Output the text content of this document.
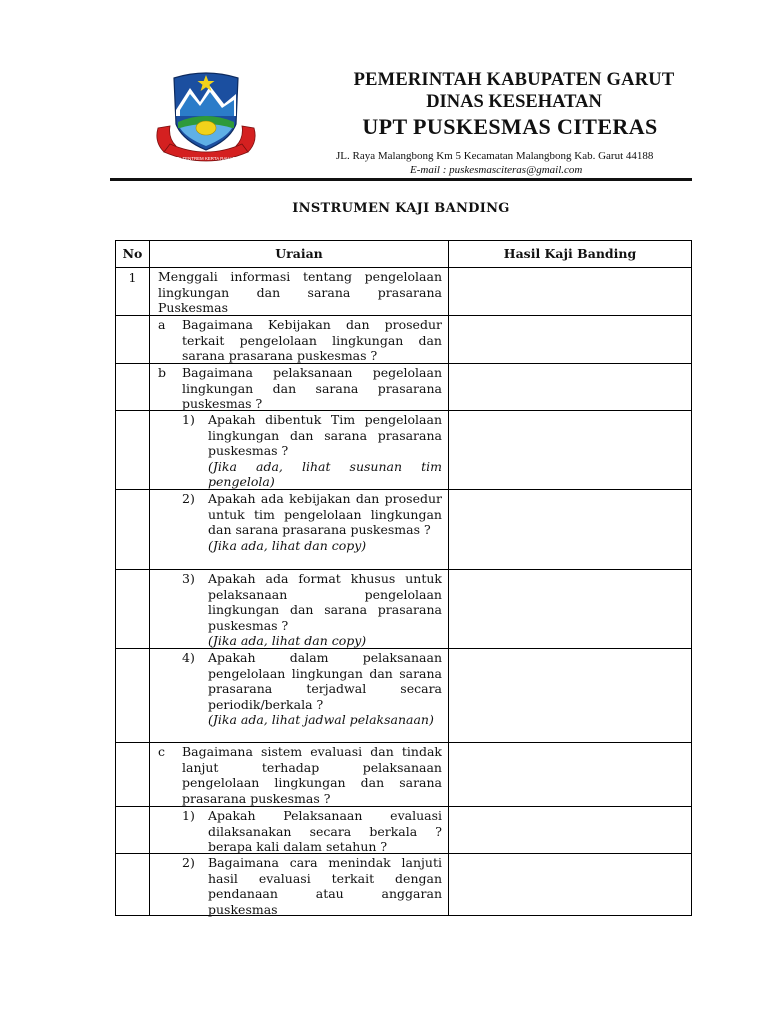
TATA TENTREM KERTA RAHARJA
PEMERINTAH KABUPATEN GARUT
DINAS KESEHATAN
UPT PUSKESMAS CITERAS
JL. Raya Malangbong Km 5 Kecamatan Malangbong Kab. Garut 44188
E-mail : puskesmasciteras@gmail.com
INSTRUMEN KAJI BANDING
No	Uraian	Hasil Kaji Banding
1	Menggali informasi tentang pengelolaan lingkungan dan sarana prasarana Puskesmas
a	Bagaimana Kebijakan dan prosedur terkait pengelolaan lingkungan dan sarana prasarana puskesmas ?
b	Bagaimana pelaksanaan pegelolaan lingkungan dan sarana prasarana puskesmas ?
1)	Apakah dibentuk Tim pengelolaan lingkungan dan sarana prasarana puskesmas ?
(Jika ada, lihat susunan tim pengelola)
2)	Apakah ada kebijakan dan prosedur untuk tim pengelolaan lingkungan dan sarana prasarana puskesmas ?
(Jika ada, lihat dan copy)
3)	Apakah ada format khusus untuk pelaksanaan pengelolaan lingkungan dan sarana prasarana puskesmas ?
(Jika ada, lihat dan copy)
4)	Apakah dalam pelaksanaan pengelolaan lingkungan dan sarana prasarana terjadwal secara periodik/berkala ?
(Jika ada, lihat jadwal pelaksanaan)
c	Bagaimana sistem evaluasi dan tindak lanjut terhadap pelaksanaan pengelolaan lingkungan dan sarana prasarana puskesmas ?
1)	Apakah Pelaksanaan evaluasi dilaksanakan secara berkala ? berapa kali dalam setahun ?
2)	Bagaimana cara menindak lanjuti hasil evaluasi terkait dengan pendanaan atau anggaran puskesmas
